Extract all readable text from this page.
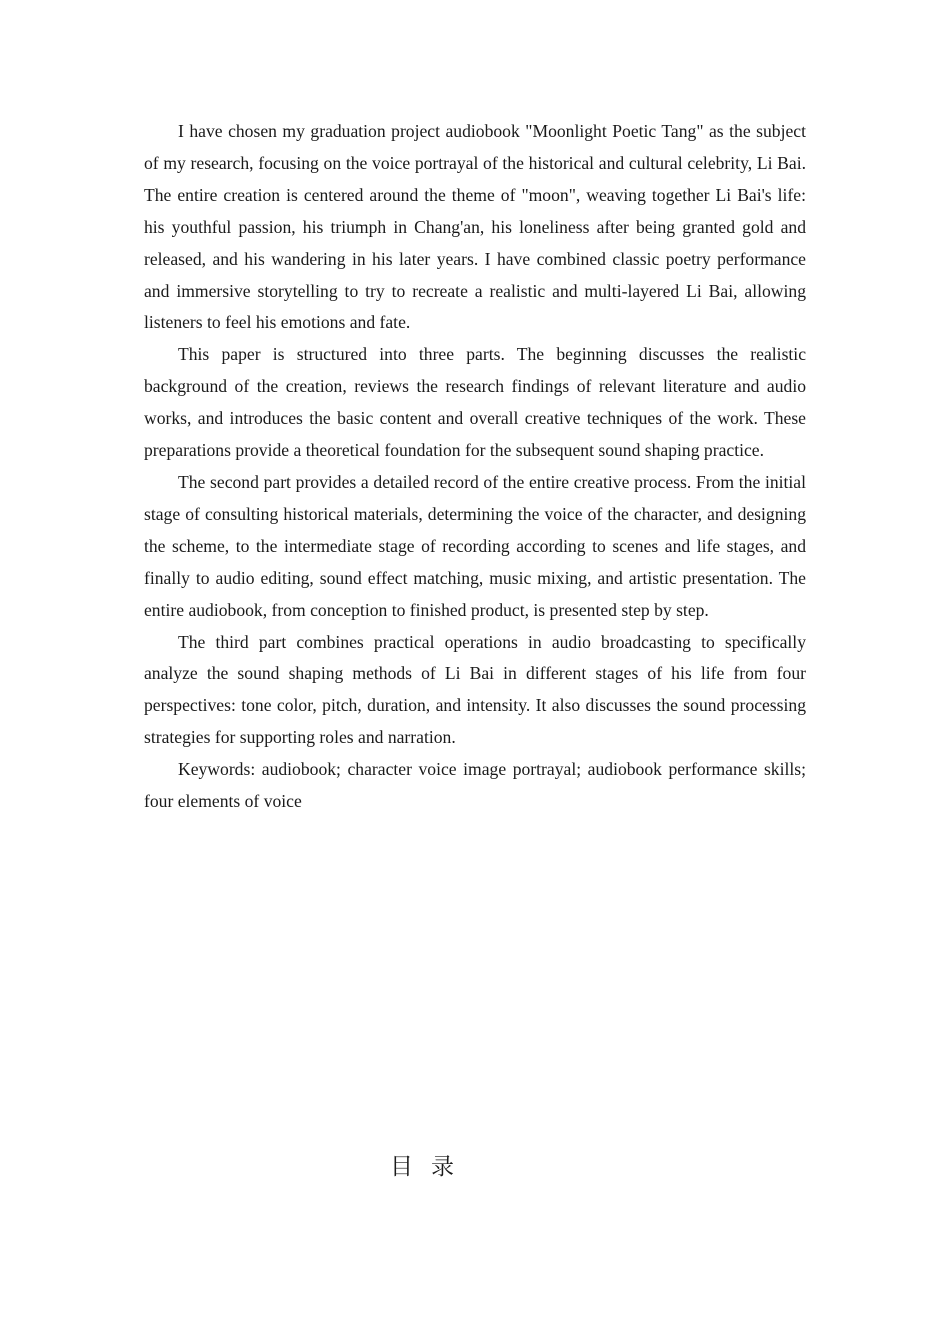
I have chosen my graduation project audiobook "Moonlight Poetic Tang" as the subject of my research, focusing on the voice portrayal of the historical and cultural celebrity, Li Bai. The entire creation is centered around the theme of "moon", weaving together Li Bai's life: his youthful passion, his triumph in Chang'an, his loneliness after being granted gold and released, and his wandering in his later years. I have combined classic poetry performance and immersive storytelling to try to recreate a realistic and multi-layered Li Bai, allowing listeners to feel his emotions and fate.

This paper is structured into three parts. The beginning discusses the realistic background of the creation, reviews the research findings of relevant literature and audio works, and introduces the basic content and overall creative techniques of the work. These preparations provide a theoretical foundation for the subsequent sound shaping practice.

The second part provides a detailed record of the entire creative process. From the initial stage of consulting historical materials, determining the voice of the character, and designing the scheme, to the intermediate stage of recording according to scenes and life stages, and finally to audio editing, sound effect matching, music mixing, and artistic presentation. The entire audiobook, from conception to finished product, is presented step by step.

The third part combines practical operations in audio broadcasting to specifically analyze the sound shaping methods of Li Bai in different stages of his life from four perspectives: tone color, pitch, duration, and intensity. It also discusses the sound processing strategies for supporting roles and narration.

Keywords: audiobook; character voice image portrayal; audiobook performance skills; four elements of voice

目录
